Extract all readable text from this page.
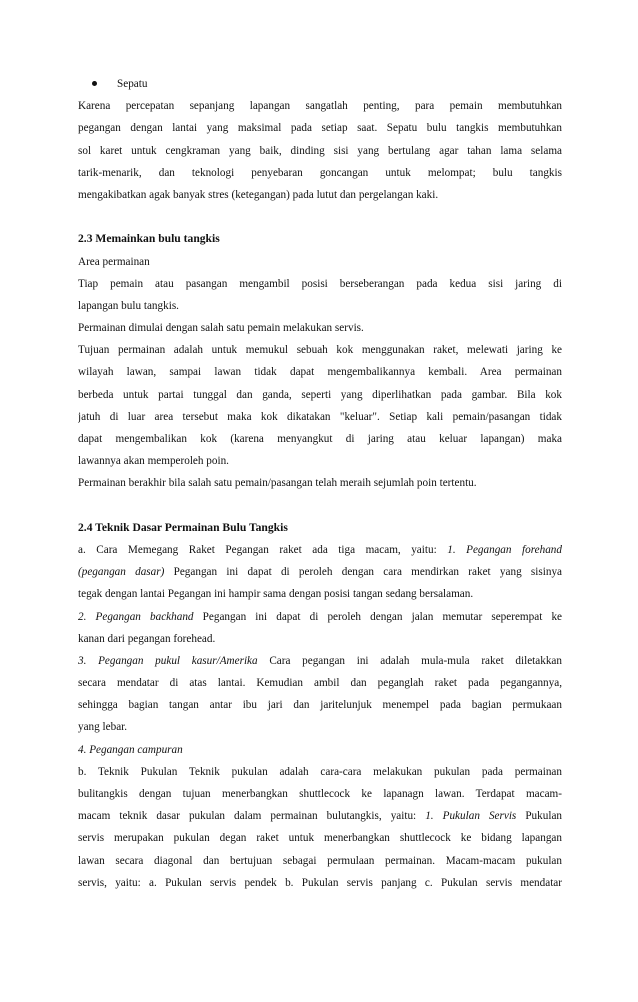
Sepatu
Karena percepatan sepanjang lapangan sangatlah penting, para pemain membutuhkan
pegangan dengan lantai yang maksimal pada setiap saat. Sepatu bulu tangkis membutuhkan
sol karet untuk cengkraman yang baik, dinding sisi yang bertulang agar tahan lama selama
tarik-menarik, dan teknologi penyebaran goncangan untuk melompat; bulu tangkis
mengakibatkan agak banyak stres (ketegangan) pada lutut dan pergelangan kaki.
2.3 Memainkan bulu tangkis
Area permainan
Tiap pemain atau pasangan mengambil posisi berseberangan pada kedua sisi jaring di
lapangan bulu tangkis.
Permainan dimulai dengan salah satu pemain melakukan servis.
Tujuan permainan adalah untuk memukul sebuah kok menggunakan raket, melewati jaring ke
wilayah lawan, sampai lawan tidak dapat mengembalikannya kembali. Area permainan
berbeda untuk partai tunggal dan ganda, seperti yang diperlihatkan pada gambar. Bila kok
jatuh di luar area tersebut maka kok dikatakan "keluar". Setiap kali pemain/pasangan tidak
dapat mengembalikan kok (karena menyangkut di jaring atau keluar lapangan) maka
lawannya akan memperoleh poin.
Permainan berakhir bila salah satu pemain/pasangan telah meraih sejumlah poin tertentu.
2.4 Teknik Dasar Permainan Bulu Tangkis
a. Cara Memegang Raket Pegangan raket ada tiga macam, yaitu: 1. Pegangan forehand
(pegangan dasar) Pegangan ini dapat di peroleh dengan cara mendirkan raket yang sisinya
tegak dengan lantai Pegangan ini hampir sama dengan posisi tangan sedang bersalaman.
2. Pegangan backhand Pegangan ini dapat di peroleh dengan jalan memutar seperempat ke
kanan dari pegangan forehead.
3. Pegangan pukul kasur/Amerika Cara pegangan ini adalah mula-mula raket diletakkan
secara mendatar di atas lantai. Kemudian ambil dan peganglah raket pada pegangannya,
sehingga bagian tangan antar ibu jari dan jaritelunjuk menempel pada bagian permukaan
yang lebar.
4. Pegangan campuran
b. Teknik Pukulan Teknik pukulan adalah cara-cara melakukan pukulan pada permainan
bulitangkis dengan tujuan menerbangkan shuttlecock ke lapanagn lawan. Terdapat macam-
macam teknik dasar pukulan dalam permainan bulutangkis, yaitu: 1. Pukulan Servis Pukulan
servis merupakan pukulan degan raket untuk menerbangkan shuttlecock ke bidang lapangan
lawan secara diagonal dan bertujuan sebagai permulaan permainan. Macam-macam pukulan
servis, yaitu: a. Pukulan servis pendek b. Pukulan servis panjang c. Pukulan servis mendatar
